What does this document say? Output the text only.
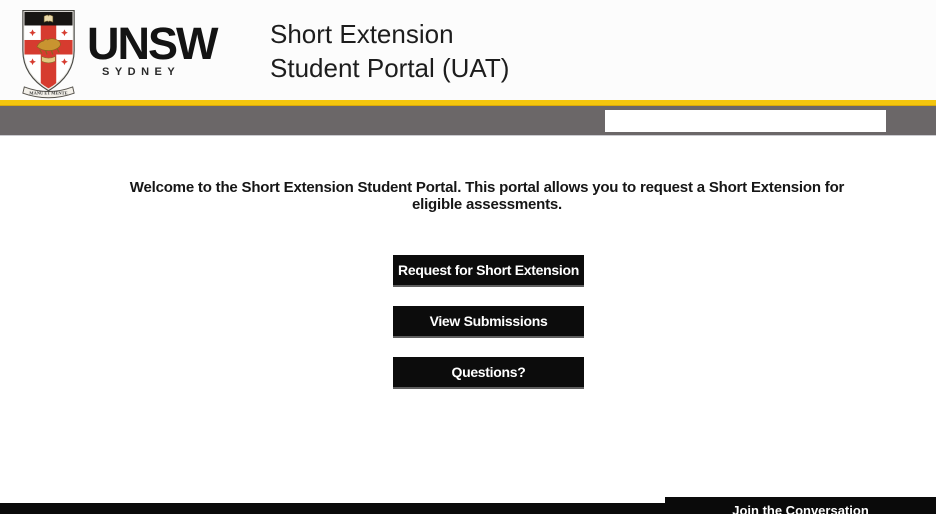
MANU ET MENTE
UNSW
SYDNEY
Short Extension
Student Portal (UAT)
Welcome to the Short Extension Student Portal. This portal allows you to request a Short Extension for
eligible assessments.
Request for Short Extension
View Submissions
Questions?
Join the Conversation
